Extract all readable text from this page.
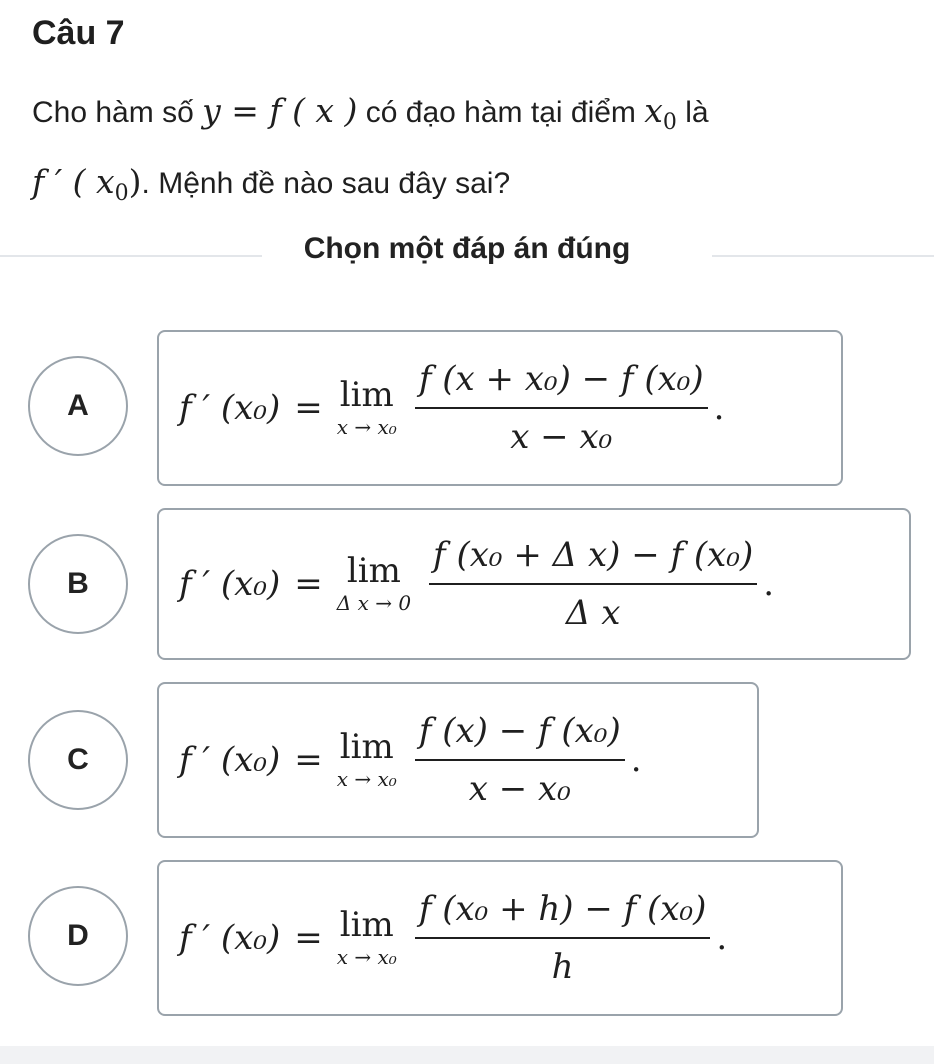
Câu 7
Cho hàm số y = f ( x ) có đạo hàm tại điểm $x_0$ là
f ′ ( $x_0$). Mệnh đề nào sau đây sai?
Chọn một đáp án đúng
A	f ′ (x₀) = lim
$x \to x_0 \frac{\text{f (x + x₀) − f (x₀)}}{\text{x − x₀}}$ .
B	f ′ (x₀) = lim
Δ $x \to 0 \frac{\text{f (x₀ + Δ x) − f (x₀)}}{\text{Δ x}}$ .
C	f ′ (x₀) = lim
$x \to x_0 \frac{\text{f (x) − f (x₀)}}{\text{x − x₀}}$ .
D	f ′ (x₀) = lim
$x \to x_0 \frac{\text{f (x₀ + h) − f (x₀)}}{h}$ .
